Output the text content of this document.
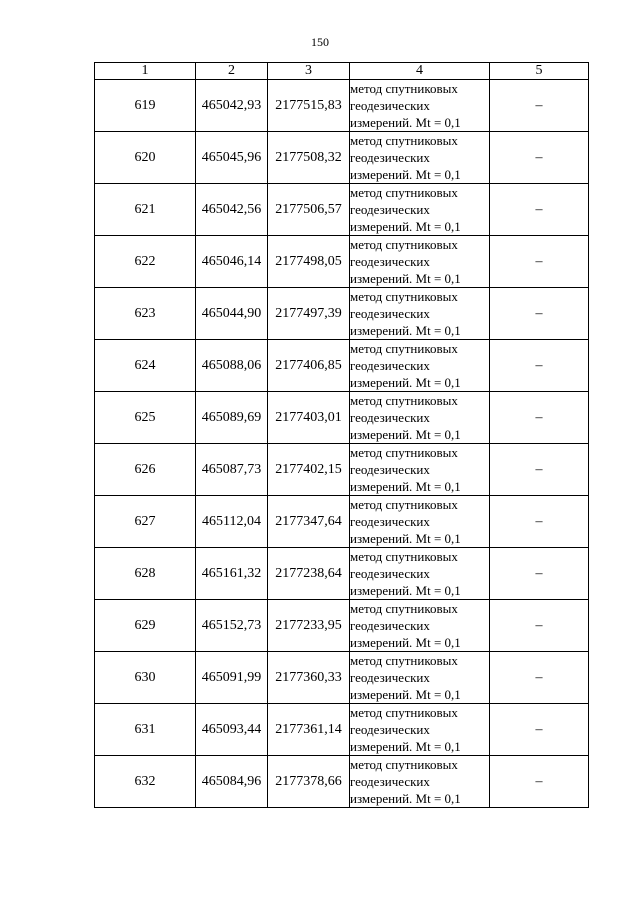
150
1	2	3	4	5
619	465042,93	2177515,83	метод спутниковых
геодезических
измерений. Mt = 0,1	–
620	465045,96	2177508,32	метод спутниковых
геодезических
измерений. Mt = 0,1	–
621	465042,56	2177506,57	метод спутниковых
геодезических
измерений. Mt = 0,1	–
622	465046,14	2177498,05	метод спутниковых
геодезических
измерений. Mt = 0,1	–
623	465044,90	2177497,39	метод спутниковых
геодезических
измерений. Mt = 0,1	–
624	465088,06	2177406,85	метод спутниковых
геодезических
измерений. Mt = 0,1	–
625	465089,69	2177403,01	метод спутниковых
геодезических
измерений. Mt = 0,1	–
626	465087,73	2177402,15	метод спутниковых
геодезических
измерений. Mt = 0,1	–
627	465112,04	2177347,64	метод спутниковых
геодезических
измерений. Mt = 0,1	–
628	465161,32	2177238,64	метод спутниковых
геодезических
измерений. Mt = 0,1	–
629	465152,73	2177233,95	метод спутниковых
геодезических
измерений. Mt = 0,1	–
630	465091,99	2177360,33	метод спутниковых
геодезических
измерений. Mt = 0,1	–
631	465093,44	2177361,14	метод спутниковых
геодезических
измерений. Mt = 0,1	–
632	465084,96	2177378,66	метод спутниковых
геодезических
измерений. Mt = 0,1	–
